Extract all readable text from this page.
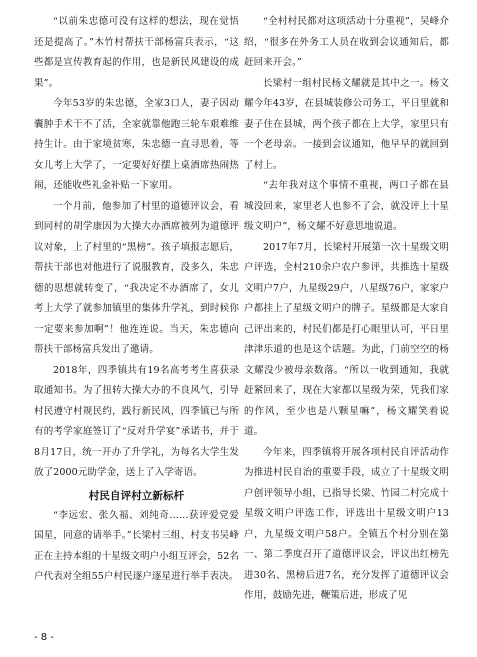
“以前朱忠德可没有这样的想法，现在觉悟还是提高了。”木竹村帮扶干部杨富兵表示，“这些都是宣传教育起的作用，也是新民风建设的成果”。

今年53岁的朱忠德，全家3口人，妻子因动囊肿手术干不了活，全家就靠他跑三轮车艰难维持生计。由于家境贫寒，朱忠德一直寻思着，等女儿考上大学了，一定要好好摆上桌酒席热闹热闹，还能收些礼金补贴一下家用。

一个月前，他参加了村里的道德评议会，看到同村的胡学康因为大操大办酒席被列为道德评议对象，上了村里的“黑榜”。孩子填报志愿后，帮扶干部也对他进行了说服教育，没多久，朱忠德的思想就转变了，“我决定不办酒席了，女儿考上大学了就参加镇里的集体升学礼，到时候你一定要来参加啊”！他连连说。当天，朱忠德向帮扶干部杨富兵发出了邀请。

2018年，四季镇共有19名高考考生喜获录取通知书。为了扭转大操大办的不良风气，引导村民遵守村规民约，践行新民风，四季镇已与所有的考学家庭签订了“反对升学宴”承诺书，并于8月17日，统一开办了升学礼，为每名大学生发放了2000元助学金，送上了入学寄语。

村民自评村立新标杆

“李远宏、张久福、刘纯奇……获评爱党爱国星，同意的请举手。”长梁村三组、村支书吴峰正在主持本组的十星级文明户小组互评会，52名户代表对全组55户村民逐户逐星进行举手表决。

“全村村民都对这项活动十分重视”，吴峰介绍，“很多在外务工人员在收到会议通知后，都赶回来开会。”

长梁村一组村民杨文耀就是其中之一。杨文耀今年43岁，在县城装修公司务工，平日里就和妻子住在县城，两个孩子都在上大学，家里只有一个老母亲。一接到会议通知，他早早的就回到了村上。

“去年我对这个事情不重视，两口子都在县城没回来，家里老人也参不了会，就没评上十星级文明户”，杨文耀不好意思地说道。

2017年7月，长梁村开展第一次十星级文明户评选，全村210余户农户参评，共推选十星级文明户7户，九星级29户，八星级76户，家家户户都挂上了星级文明户的牌子。星级都是大家自己评出来的，村民们都是打心眼里认可，平日里津津乐道的也是这个话题。为此，门前空空的杨文耀没少被母亲数落。“所以一收到通知，我就赶紧回来了，现在大家都以星级为荣，凭我们家的作风，至少也是八颗星嘛”，杨文耀笑着说道。

今年来，四季镇将开展各项村民自评活动作为推进村民自治的重要手段，成立了十星级文明户创评领导小组，已指导长梁、竹园二村完成十星级文明户评选工作，评选出十星级文明户13户，九星级文明户58户。全镇五个村分别在第一、第二季度召开了道德评议会，评议出红榜先进30名、黑榜后进7名，充分发挥了道德评议会作用，鼓励先进，鞭策后进，形成了见

- 8 -
